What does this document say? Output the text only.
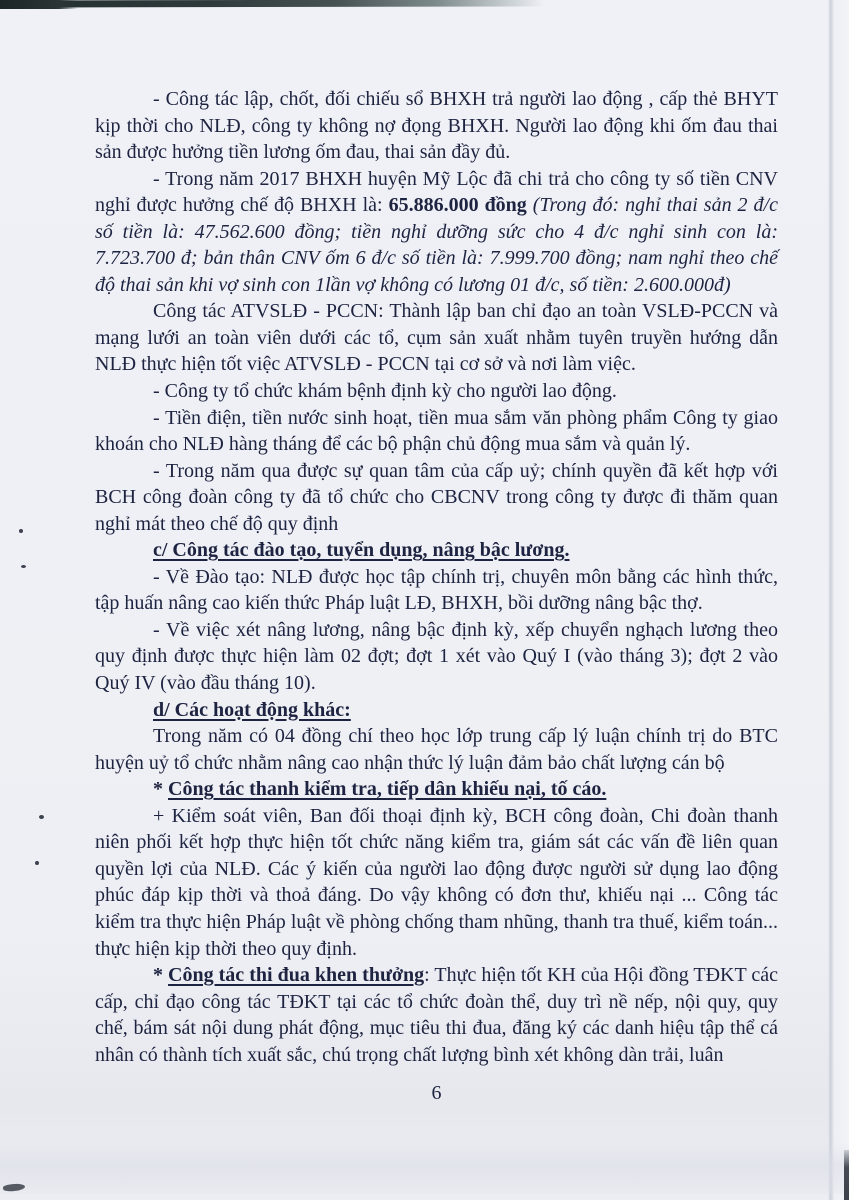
- Công tác lập, chốt, đối chiếu sổ BHXH trả người lao động , cấp thẻ BHYT kịp thời cho NLĐ, công ty không nợ đọng BHXH. Người lao động khi ốm đau thai sản được hưởng tiền lương ốm đau, thai sản đầy đủ.

- Trong năm 2017 BHXH huyện Mỹ Lộc đã chi trả cho công ty số tiền CNV nghỉ được hưởng chế độ BHXH là: 65.886.000 đồng (Trong đó: nghỉ thai sản 2 đ/c số tiền là: 47.562.600 đồng; tiền nghỉ dưỡng sức cho 4 đ/c nghỉ sinh con là: 7.723.700 đ; bản thân CNV ốm 6 đ/c số tiền là: 7.999.700 đồng; nam nghỉ theo chế độ thai sản khi vợ sinh con 1lần vợ không có lương 01 đ/c, số tiền: 2.600.000đ)

Công tác ATVSLĐ - PCCN: Thành lập ban chỉ đạo an toàn VSLĐ-PCCN và mạng lưới an toàn viên dưới các tổ, cụm sản xuất nhằm tuyên truyền hướng dẫn NLĐ thực hiện tốt việc ATVSLĐ - PCCN tại cơ sở và nơi làm việc.

- Công ty tổ chức khám bệnh định kỳ cho người lao động.

- Tiền điện, tiền nước sinh hoạt, tiền mua sắm văn phòng phẩm Công ty giao khoán cho NLĐ hàng tháng để các bộ phận chủ động mua sắm và quản lý.

- Trong năm qua được sự quan tâm của cấp uỷ; chính quyền đã kết hợp với BCH công đoàn công ty đã tổ chức cho CBCNV trong công ty được đi thăm quan nghỉ mát theo chế độ quy định

c/ Công tác đào tạo, tuyển dụng, nâng bậc lương.

- Về Đào tạo: NLĐ được học tập chính trị, chuyên môn bằng các hình thức, tập huấn nâng cao kiến thức Pháp luật LĐ, BHXH, bồi dưỡng nâng bậc thợ.

- Về việc xét nâng lương, nâng bậc định kỳ, xếp chuyển nghạch lương theo quy định được thực hiện làm 02 đợt; đợt 1 xét vào Quý I (vào tháng 3); đợt 2 vào Quý IV (vào đầu tháng 10).

d/ Các hoạt động khác:

Trong năm có 04 đồng chí theo học lớp trung cấp lý luận chính trị do BTC huyện uỷ tổ chức nhằm nâng cao nhận thức lý luận đảm bảo chất lượng cán bộ

* Công tác thanh kiểm tra, tiếp dân khiếu nại, tố cáo.

+ Kiểm soát viên, Ban đối thoại định kỳ, BCH công đoàn, Chi đoàn thanh niên phối kết hợp thực hiện tốt chức năng kiểm tra, giám sát các vấn đề liên quan quyền lợi của NLĐ. Các ý kiến của người lao động được người sử dụng lao động phúc đáp kịp thời và thoả đáng. Do vậy không có đơn thư, khiếu nại ... Công tác kiểm tra thực hiện Pháp luật về phòng chống tham nhũng, thanh tra thuế, kiểm toán... thực hiện kịp thời theo quy định.

* Công tác thi đua khen thưởng: Thực hiện tốt KH của Hội đồng TĐKT các cấp, chỉ đạo công tác TĐKT tại các tổ chức đoàn thể, duy trì nề nếp, nội quy, quy chế, bám sát nội dung phát động, mục tiêu thi đua, đăng ký các danh hiệu tập thể cá nhân có thành tích xuất sắc, chú trọng chất lượng bình xét không dàn trải, luân

6
